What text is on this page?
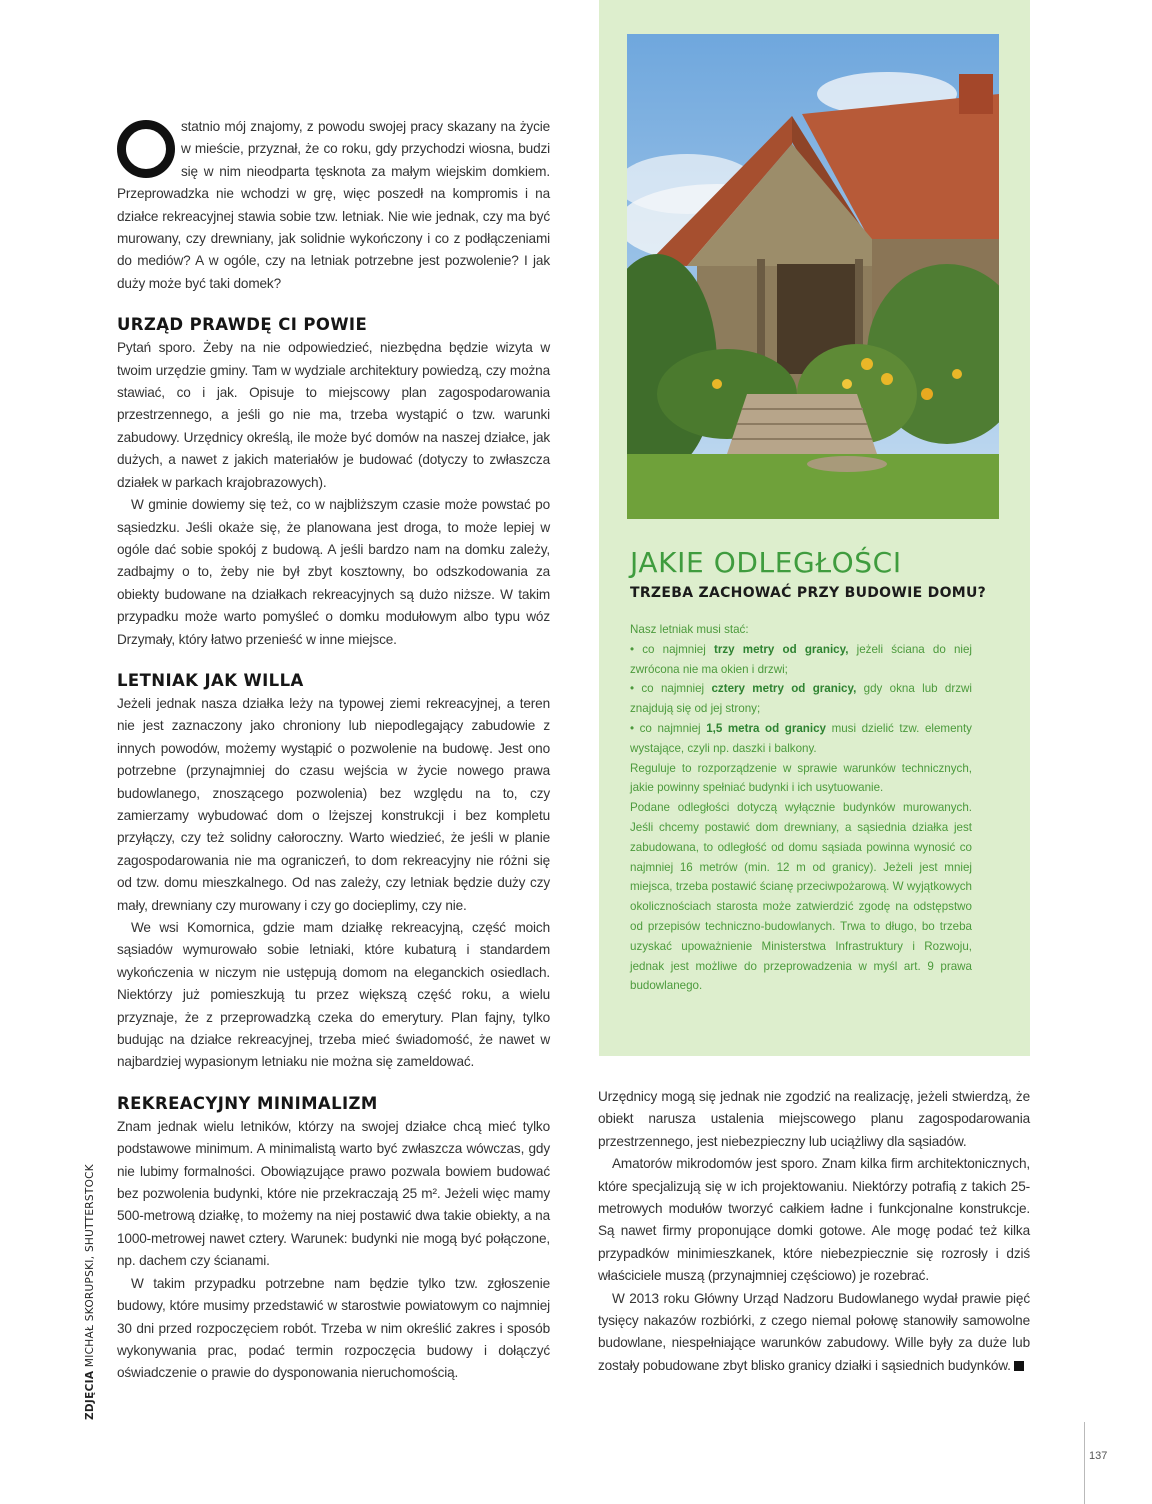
statnio mój znajomy, z powodu swojej pracy skazany na życie w mieście, przyznał, że co roku, gdy przychodzi wiosna, budzi się w nim nieodparta tęsknota za małym wiejskim domkiem. Przeprowadzka nie wchodzi w grę, więc poszedł na kompromis i na działce rekreacyjnej stawia sobie tzw. letniak. Nie wie jednak, czy ma być murowany, czy drewniany, jak solidnie wykończony i co z podłączeniami do mediów? A w ogóle, czy na letniak potrzebne jest pozwolenie? I jak duży może być taki domek?

URZĄD PRAWDĘ CI POWIE

Pytań sporo. Żeby na nie odpowiedzieć, niezbędna będzie wizyta w twoim urzędzie gminy. Tam w wydziale architektury powiedzą, czy można stawiać, co i jak. Opisuje to miejscowy plan zagospodarowania przestrzennego, a jeśli go nie ma, trzeba wystąpić o tzw. warunki zabudowy. Urzędnicy określą, ile może być domów na naszej działce, jak dużych, a nawet z jakich materiałów je budować (dotyczy to zwłaszcza działek w parkach krajobrazowych).

W gminie dowiemy się też, co w najbliższym czasie może powstać po sąsiedzku. Jeśli okaże się, że planowana jest droga, to może lepiej w ogóle dać sobie spokój z budową. A jeśli bardzo nam na domku zależy, zadbajmy o to, żeby nie był zbyt kosztowny, bo odszkodowania za obiekty budowane na działkach rekreacyjnych są dużo niższe. W takim przypadku może warto pomyśleć o domku modułowym albo typu wóz Drzymały, który łatwo przenieść w inne miejsce.

LETNIAK JAK WILLA

Jeżeli jednak nasza działka leży na typowej ziemi rekreacyjnej, a teren nie jest zaznaczony jako chroniony lub niepodlegający zabudowie z innych powodów, możemy wystąpić o pozwolenie na budowę. Jest ono potrzebne (przynajmniej do czasu wejścia w życie nowego prawa budowlanego, znoszącego pozwolenia) bez względu na to, czy zamierzamy wybudować dom o lżejszej konstrukcji i bez kompletu przyłączy, czy też solidny całoroczny. Warto wiedzieć, że jeśli w planie zagospodarowania nie ma ograniczeń, to dom rekreacyjny nie różni się od tzw. domu mieszkalnego. Od nas zależy, czy letniak będzie duży czy mały, drewniany czy murowany i czy go docieplimy, czy nie.

We wsi Komornica, gdzie mam działkę rekreacyjną, część moich sąsiadów wymurowało sobie letniaki, które kubaturą i standardem wykończenia w niczym nie ustępują domom na eleganckich osiedlach. Niektórzy już pomieszkują tu przez większą część roku, a wielu przyznaje, że z przeprowadzką czeka do emerytury. Plan fajny, tylko budując na działce rekreacyjnej, trzeba mieć świadomość, że nawet w najbardziej wypasionym letniaku nie można się zameldować.

REKREACYJNY MINIMALIZM

Znam jednak wielu letników, którzy na swojej działce chcą mieć tylko podstawowe minimum. A minimalistą warto być zwłaszcza wówczas, gdy nie lubimy formalności. Obowiązujące prawo pozwala bowiem budować bez pozwolenia budynki, które nie przekraczają 25 m². Jeżeli więc mamy 500-metrową działkę, to możemy na niej postawić dwa takie obiekty, a na 1000-metrowej nawet cztery. Warunek: budynki nie mogą być połączone, np. dachem czy ścianami.

W takim przypadku potrzebne nam będzie tylko tzw. zgłoszenie budowy, które musimy przedstawić w starostwie powiatowym co najmniej 30 dni przed rozpoczęciem robót. Trzeba w nim określić zakres i sposób wykonywania prac, podać termin rozpoczęcia budowy i dołączyć oświadczenie o prawie do dysponowania nieruchomością.

JAKIE ODLEGŁOŚCI
TRZEBA ZACHOWAĆ PRZY BUDOWIE DOMU?

Nasz letniak musi stać:

• co najmniej trzy metry od granicy, jeżeli ściana do niej zwrócona nie ma okien i drzwi;

• co najmniej cztery metry od granicy, gdy okna lub drzwi znajdują się od jej strony;

• co najmniej 1,5 metra od granicy musi dzielić tzw. elementy wystające, czyli np. daszki i balkony.

Reguluje to rozporządzenie w sprawie warunków technicznych, jakie powinny spełniać budynki i ich usytuowanie.

Podane odległości dotyczą wyłącznie budynków murowanych. Jeśli chcemy postawić dom drewniany, a sąsiednia działka jest zabudowana, to odległość od domu sąsiada powinna wynosić co najmniej 16 metrów (min. 12 m od granicy). Jeżeli jest mniej miejsca, trzeba postawić ścianę przeciwpożarową. W wyjątkowych okolicznościach starosta może zatwierdzić zgodę na odstępstwo od przepisów techniczno-budowlanych. Trwa to długo, bo trzeba uzyskać upoważnienie Ministerstwa Infrastruktury i Rozwoju, jednak jest możliwe do przeprowadzenia w myśl art. 9 prawa budowlanego.

Urzędnicy mogą się jednak nie zgodzić na realizację, jeżeli stwierdzą, że obiekt narusza ustalenia miejscowego planu zagospodarowania przestrzennego, jest niebezpieczny lub uciążliwy dla sąsiadów.

Amatorów mikrodomów jest sporo. Znam kilka firm architektonicznych, które specjalizują się w ich projektowaniu. Niektórzy potrafią z takich 25-metrowych modułów tworzyć całkiem ładne i funkcjonalne konstrukcje. Są nawet firmy proponujące domki gotowe. Ale mogę podać też kilka przypadków minimieszkanek, które niebezpiecznie się rozrosły i dziś właściciele muszą (przynajmniej częściowo) je rozebrać.

W 2013 roku Główny Urząd Nadzoru Budowlanego wydał prawie pięć tysięcy nakazów rozbiórki, z czego niemal połowę stanowiły samowolne budowlane, niespełniające warunków zabudowy. Wille były za duże lub zostały pobudowane zbyt blisko granicy działki i sąsiednich budynków.

ZDJĘCIA MICHAŁ SKORUPSKI, SHUTTERSTOCK
137
